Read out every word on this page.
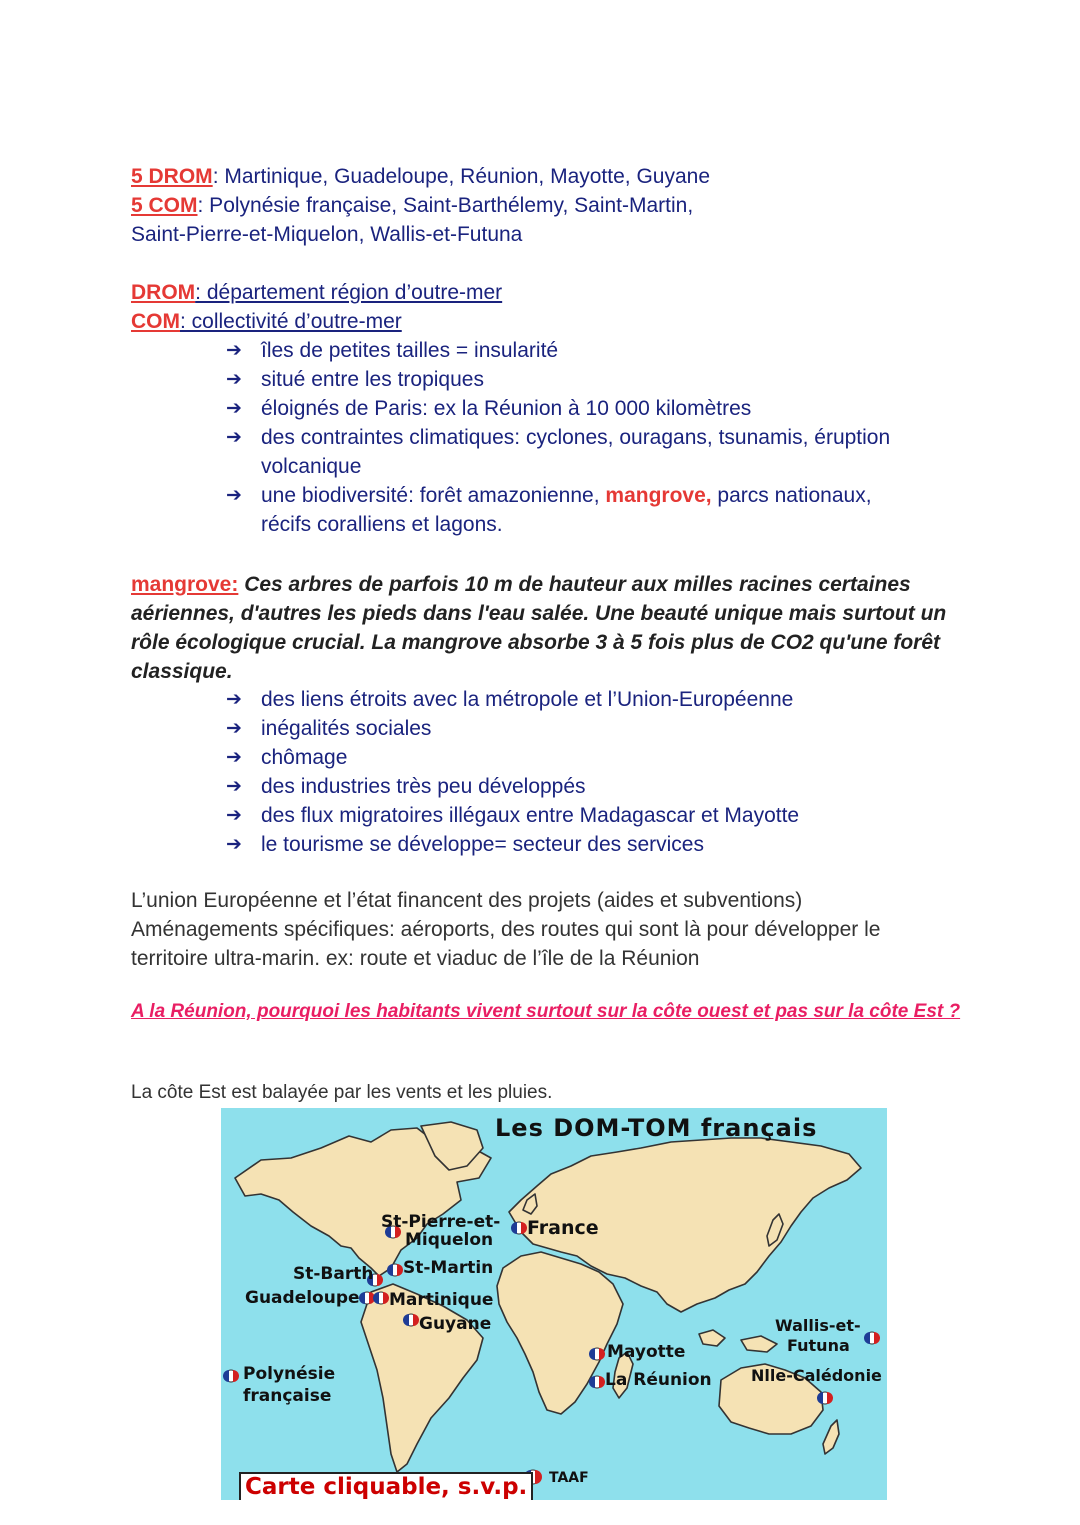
5 DROM: Martinique, Guadeloupe, Réunion, Mayotte, Guyane
5 COM: Polynésie française, Saint-Barthélemy, Saint-Martin,
Saint-Pierre-et-Miquelon, Wallis-et-Futuna
DROM: département région d’outre-mer
COM: collectivité d’outre-mer
➔ îles de petites tailles = insularité
➔ situé entre les tropiques
➔ éloignés de Paris: ex la Réunion à 10 000 kilomètres
➔ des contraintes climatiques: cyclones, ouragans, tsunamis, éruption volcanique
➔ une biodiversité: forêt amazonienne, mangrove, parcs nationaux, récifs coralliens et lagons.
mangrove: Ces arbres de parfois 10 m de hauteur aux milles racines certaines aériennes, d'autres les pieds dans l'eau salée. Une beauté unique mais surtout un rôle écologique crucial. La mangrove absorbe 3 à 5 fois plus de CO2 qu'une forêt classique.
➔ des liens étroits avec la métropole et l’Union-Européenne
➔ inégalités sociales
➔ chômage
➔ des industries très peu développés
➔ des flux migratoires illégaux entre Madagascar et Mayotte
➔ le tourisme se développe= secteur des services
L’union Européenne et l’état financent des projets (aides et subventions)
Aménagements spécifiques: aéroports, des routes qui sont là pour développer le territoire ultra-marin. ex: route et viaduc de l’île de la Réunion
A la Réunion, pourquoi les habitants vivent surtout sur la côte ouest et pas sur la côte Est ?
La côte Est est balayée par les vents et les pluies.
Les DOM-TOM français
St-Pierre-et-
Miquelon
France
St-Barth St-Martin
Guadeloupe Martinique
Guyane
Polynésie
française
Mayotte
La Réunion
Wallis-et-
Futuna
Nlle-Calédonie
TAAF
Carte cliquable, s.v.p.
